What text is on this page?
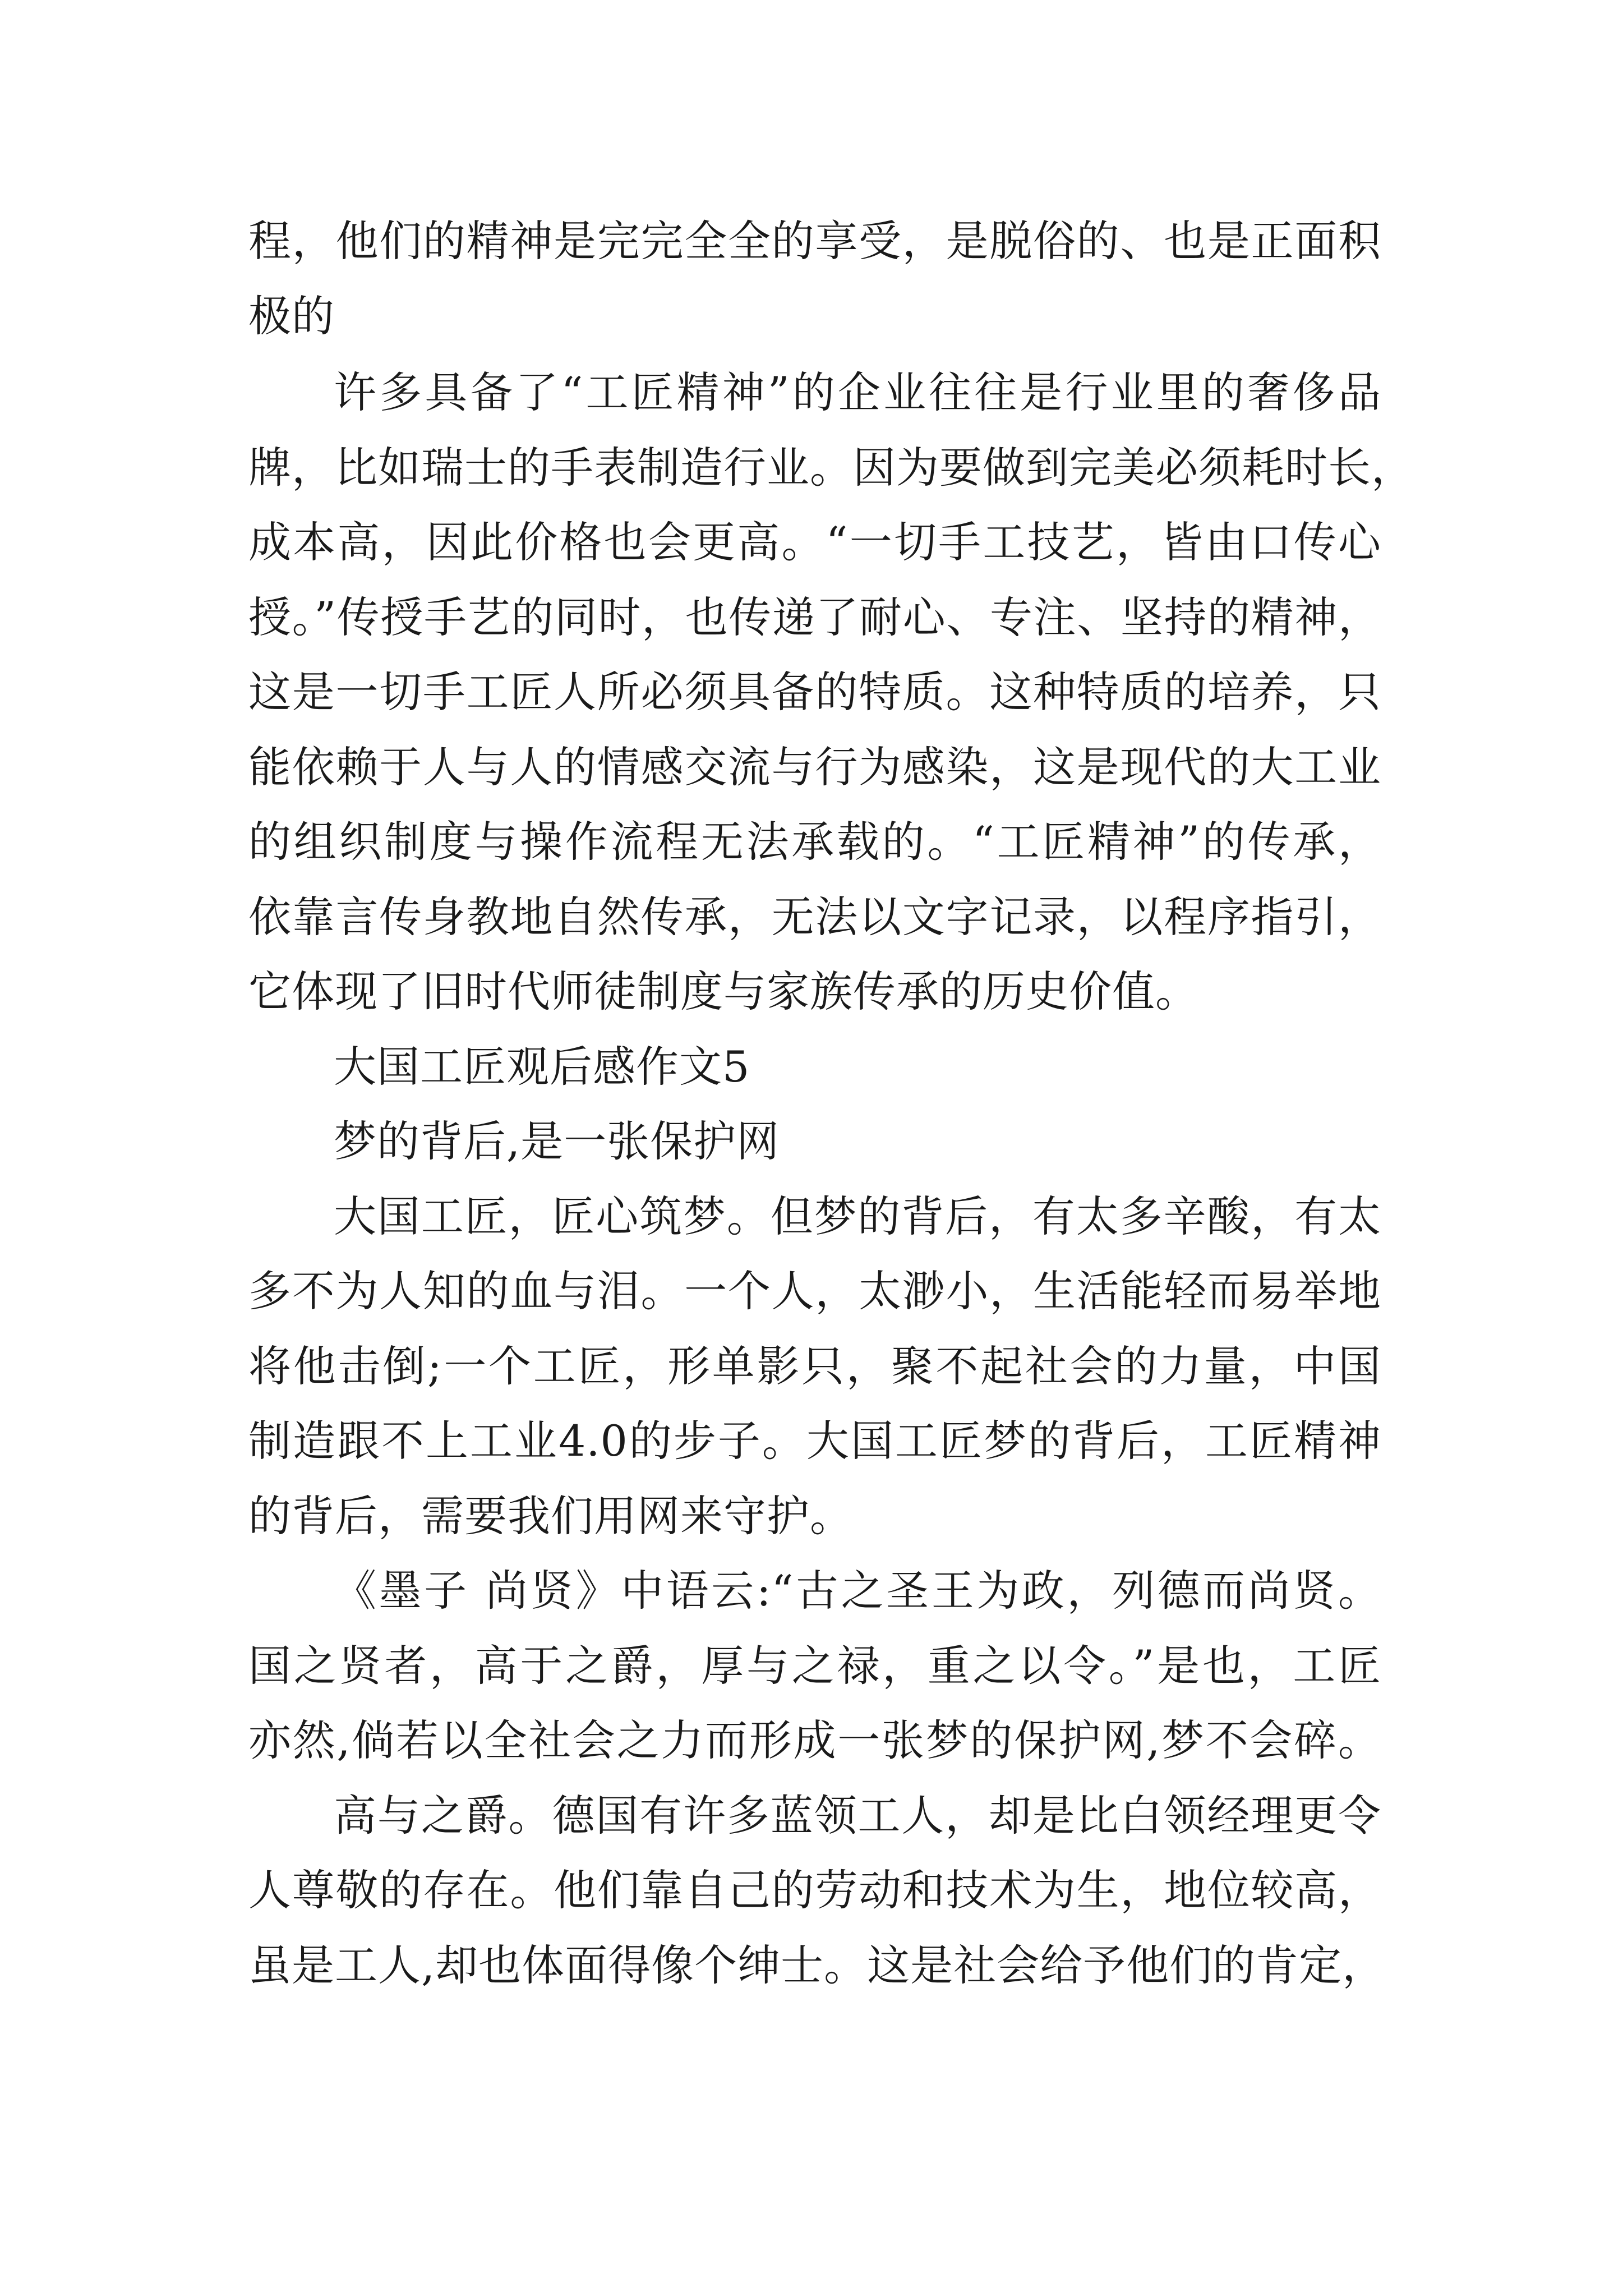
程，他们的精神是完完全全的享受，是脱俗的、也是正面积

极的

许多具备了“工匠精神”的企业往往是行业里的奢侈品

牌，比如瑞士的手表制造行业。因为要做到完美必须耗时长，

成本高，因此价格也会更高。“一切手工技艺，皆由口传心

授。”传授手艺的同时，也传递了耐心、专注、坚持的精神，

这是一切手工匠人所必须具备的特质。这种特质的培养，只

能依赖于人与人的情感交流与行为感染，这是现代的大工业

的组织制度与操作流程无法承载的。“工匠精神”的传承，

依靠言传身教地自然传承，无法以文字记录，以程序指引，

它体现了旧时代师徒制度与家族传承的历史价值。

大国工匠观后感作文5

梦的背后,是一张保护网

大国工匠，匠心筑梦。但梦的背后，有太多辛酸，有太

多不为人知的血与泪。一个人，太渺小，生活能轻而易举地

将他击倒;一个工匠，形单影只，聚不起社会的力量，中国

制造跟不上工业4.0的步子。大国工匠梦的背后，工匠精神

的背后，需要我们用网来守护。

《墨子 尚贤》中语云:“古之圣王为政，列德而尚贤。

国之贤者，高于之爵，厚与之禄，重之以令。”是也，工匠

亦然,倘若以全社会之力而形成一张梦的保护网,梦不会碎。

高与之爵。德国有许多蓝领工人，却是比白领经理更令

人尊敬的存在。他们靠自己的劳动和技术为生，地位较高，

虽是工人,却也体面得像个绅士。这是社会给予他们的肯定，
